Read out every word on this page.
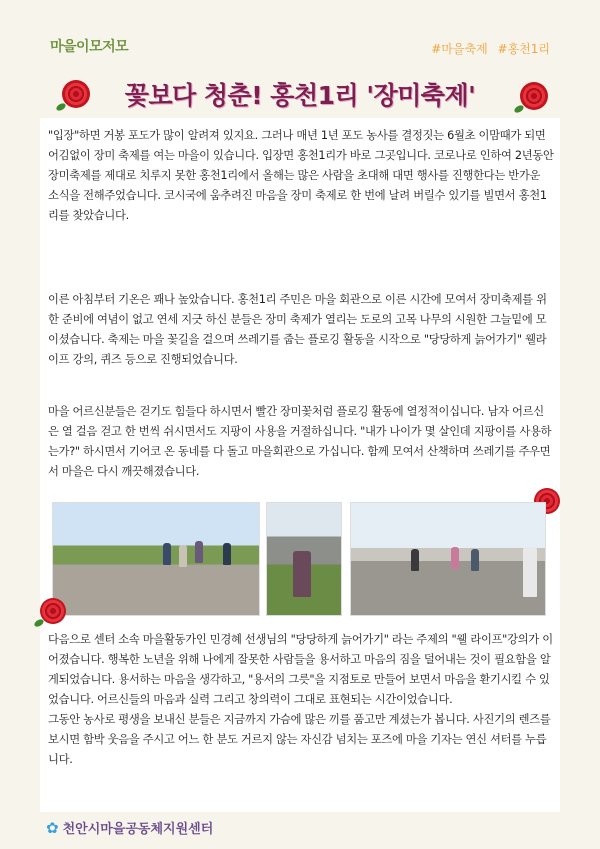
마을이모저모	#마을축제 #홍천1리
꽃보다 청춘! 홍천1리 '장미축제'
"입장"하면 거봉 포도가 많이 알려져 있지요. 그러나 매년 1년 포도 농사를 결정짓는 6월초 이맘때가 되면 어김없이 장미 축제를 여는 마을이 있습니다. 입장면 홍천1리가 바로 그곳입니다. 코로나로 인하여 2년동안 장미축제를 제대로 치루지 못한 홍천1리에서 올해는 많은 사람을 초대해 대면 행사를 진행한다는 반가운 소식을 전해주었습니다. 코시국에 움추려진 마음을 장미 축제로 한 번에 날려 버릴수 있기를 빌면서 홍천1리를 찾았습니다.
이른 아침부터 기온은 꽤나 높았습니다. 홍천1리 주민은 마을 회관으로 이른 시간에 모여서 장미축제를 위한 준비에 여념이 없고 연세 지긋 하신 분들은 장미 축제가 열리는 도로의 고목 나무의 시원한 그늘밑에 모이셨습니다. 축제는 마을 꽃길을 걸으며 쓰레기를 줍는 플로깅 활동을 시작으로 "당당하게 늙어가기" 웰라이프 강의, 퀴즈 등으로 진행되었습니다.
마을 어르신분들은 걷기도 힘들다 하시면서 빨간 장미꽃처럼 플로깅 활동에 열정적이십니다. 남자 어르신은 열 걸음 걷고 한 번씩 쉬시면서도 지팡이 사용을 거절하십니다. "내가 나이가 몇 살인데 지팡이를 사용하는가?" 하시면서 기어코 온 동네를 다 돌고 마을회관으로 가십니다. 함께 모여서 산책하며 쓰레기를 주우면서 마을은 다시 깨끗해졌습니다.
다음으로 센터 소속 마을활동가인 민경혜 선생님의 "당당하게 늙어가기" 라는 주제의 "웰 라이프"강의가 이어졌습니다. 행복한 노년을 위해 나에게 잘못한 사람들을 용서하고 마음의 짐을 덜어내는 것이 필요함을 알게되었습니다. 용서하는 마음을 생각하고, "용서의 그릇"을 지점토로 만들어 보면서 마음을 환기시킬 수 있었습니다. 어르신들의 마음과 실력 그리고 창의력이 그대로 표현되는 시간이었습니다.
그동안 농사로 평생을 보내신 분들은 지금까지 가슴에 많은 끼를 품고만 계셨는가 봅니다. 사진기의 렌즈를 보시면 함박 웃음을 주시고 어느 한 분도 거르지 않는 자신감 넘치는 포즈에 마을 기자는 연신 셔터를 누릅니다.
✿ 천안시마을공동체지원센터
